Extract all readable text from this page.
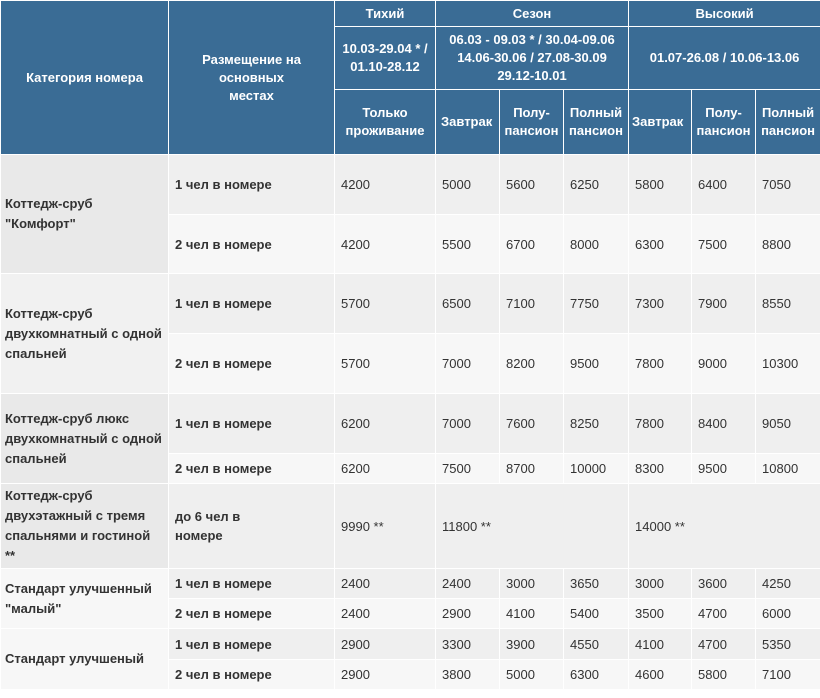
Категория номера	Размещение на основных местах	Тихий	Сезон			Высокий		
		10.03-29.04 * / 01.10-28.12	06.03 - 09.03 * / 30.04-09.06 14.06-30.06 / 27.08-30.09 29.12-10.01			01.07-26.08 / 10.06-13.06		
		Только проживание	Завтрак	Полу-пансион	Полный пансион	Завтрак	Полу-пансион	Полный пансион
Коттедж-сруб "Комфорт"	1 чел в номере	4200	5000	5600	6250	5800	6400	7050
	2 чел в номере	4200	5500	6700	8000	6300	7500	8800
Коттедж-сруб двухкомнатный с одной спальней	1 чел в номере	5700	6500	7100	7750	7300	7900	8550
	2 чел в номере	5700	7000	8200	9500	7800	9000	10300
Коттедж-сруб люкс двухкомнатный с одной спальней	1 чел в номере	6200	7000	7600	8250	7800	8400	9050
	2 чел в номере	6200	7500	8700	10000	8300	9500	10800
Коттедж-сруб двухэтажный с тремя спальнями и гостиной **	до 6 чел в номере	9990 **	11800 **			14000 **		
Стандарт улучшенный "малый"	1 чел в номере	2400	2400	3000	3650	3000	3600	4250
	2 чел в номере	2400	2900	4100	5400	3500	4700	6000
Стандарт улучшеный	1 чел в номере	2900	3300	3900	4550	4100	4700	5350
	2 чел в номере	2900	3800	5000	6300	4600	5800	7100
